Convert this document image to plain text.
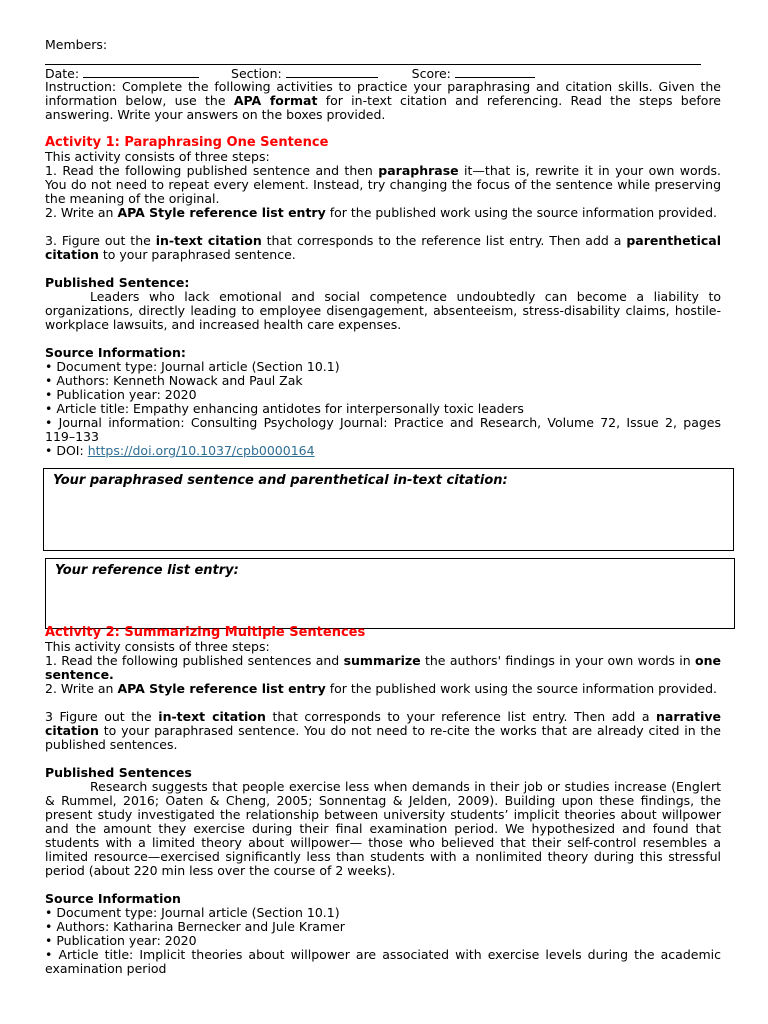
Members:
Date:	Section:	Score:
Instruction: Complete the following activities to practice your paraphrasing and citation skills. Given the information below, use the APA format for in-text citation and referencing. Read the steps before answering. Write your answers on the boxes provided.
Activity 1: Paraphrasing One Sentence
This activity consists of three steps:
1. Read the following published sentence and then paraphrase it—that is, rewrite it in your own words. You do not need to repeat every element. Instead, try changing the focus of the sentence while preserving the meaning of the original.
2. Write an APA Style reference list entry for the published work using the source information provided.
3. Figure out the in-text citation that corresponds to the reference list entry. Then add a parenthetical citation to your paraphrased sentence.
Published Sentence:
Leaders who lack emotional and social competence undoubtedly can become a liability to organizations, directly leading to employee disengagement, absenteeism, stress-disability claims, hostile-workplace lawsuits, and increased health care expenses.
Source Information:
• Document type: Journal article (Section 10.1)
• Authors: Kenneth Nowack and Paul Zak
• Publication year: 2020
• Article title: Empathy enhancing antidotes for interpersonally toxic leaders
• Journal information: Consulting Psychology Journal: Practice and Research, Volume 72, Issue 2, pages 119–133
• DOI: https://doi.org/10.1037/cpb0000164
Your paraphrased sentence and parenthetical in-text citation:
Your reference list entry:
Activity 2: Summarizing Multiple Sentences
This activity consists of three steps:
1. Read the following published sentences and summarize the authors' findings in your own words in one sentence.
2. Write an APA Style reference list entry for the published work using the source information provided.
3 Figure out the in-text citation that corresponds to your reference list entry. Then add a narrative citation to your paraphrased sentence. You do not need to re-cite the works that are already cited in the published sentences.
Published Sentences
Research suggests that people exercise less when demands in their job or studies increase (Englert & Rummel, 2016; Oaten & Cheng, 2005; Sonnentag & Jelden, 2009). Building upon these findings, the present study investigated the relationship between university students’ implicit theories about willpower and the amount they exercise during their final examination period. We hypothesized and found that students with a limited theory about willpower— those who believed that their self-control resembles a limited resource—exercised significantly less than students with a nonlimited theory during this stressful period (about 220 min less over the course of 2 weeks).
Source Information
• Document type: Journal article (Section 10.1)
• Authors: Katharina Bernecker and Jule Kramer
• Publication year: 2020
• Article title: Implicit theories about willpower are associated with exercise levels during the academic examination period
